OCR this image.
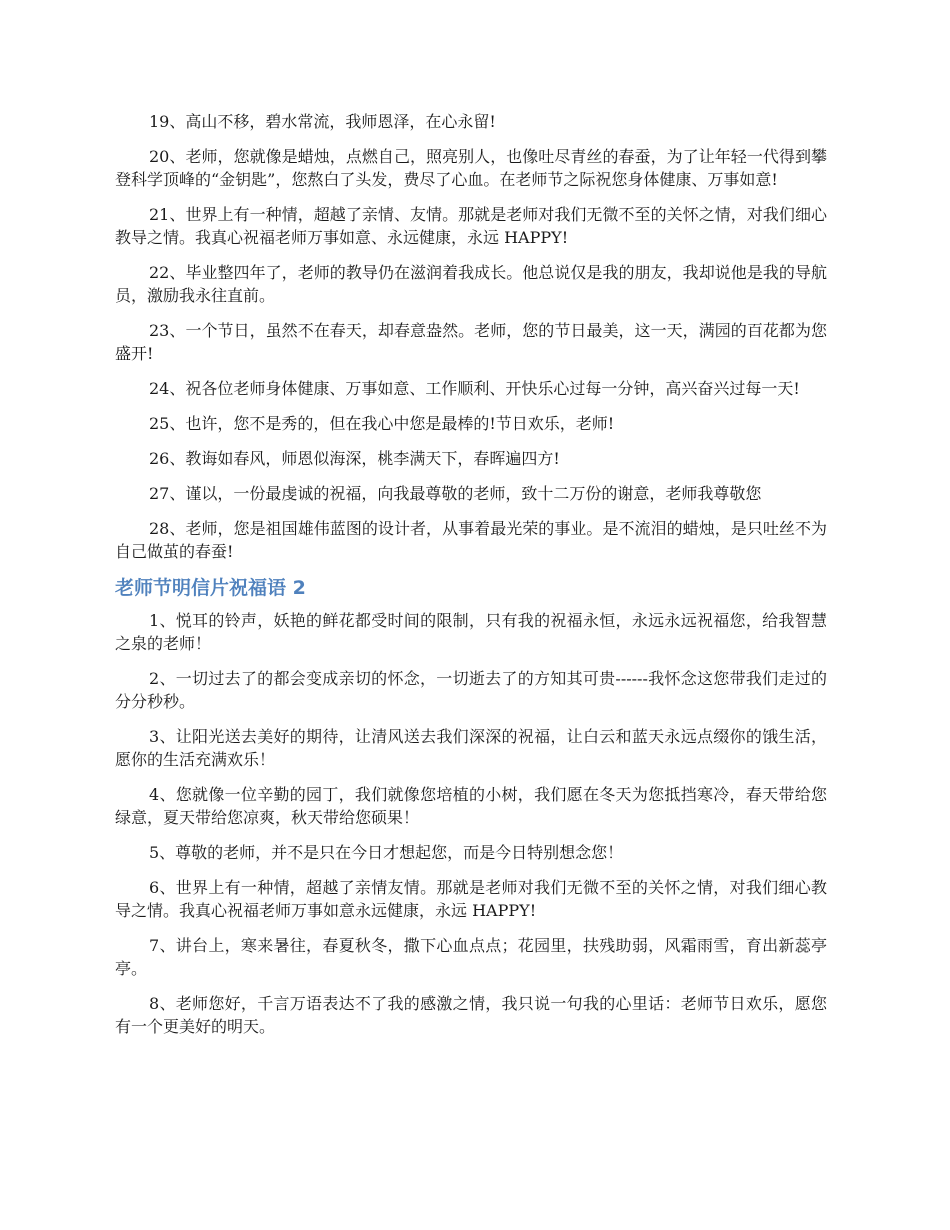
19、高山不移，碧水常流，我师恩泽，在心永留!

20、老师，您就像是蜡烛，点燃自己，照亮别人，也像吐尽青丝的春蚕，为了让年轻一代得到攀登科学顶峰的“金钥匙”，您熬白了头发，费尽了心血。在老师节之际祝您身体健康、万事如意!

21、世界上有一种情，超越了亲情、友情。那就是老师对我们无微不至的关怀之情，对我们细心教导之情。我真心祝福老师万事如意、永远健康，永远 HAPPY!

22、毕业整四年了，老师的教导仍在滋润着我成长。他总说仅是我的朋友，我却说他是我的导航员，激励我永往直前。

23、一个节日，虽然不在春天，却春意盎然。老师，您的节日最美，这一天，满园的百花都为您盛开!

24、祝各位老师身体健康、万事如意、工作顺利、开快乐心过每一分钟，高兴奋兴过每一天!

25、也许，您不是秀的，但在我心中您是最棒的!节日欢乐，老师!

26、教诲如春风，师恩似海深，桃李满天下，春晖遍四方!

27、谨以，一份最虔诚的祝福，向我最尊敬的老师，致十二万份的谢意，老师我尊敬您

28、老师，您是祖国雄伟蓝图的设计者，从事着最光荣的事业。是不流泪的蜡烛，是只吐丝不为自己做茧的春蚕!

老师节明信片祝福语 2

1、悦耳的铃声，妖艳的鲜花都受时间的限制，只有我的祝福永恒，永远永远祝福您，给我智慧之泉的老师！

2、一切过去了的都会变成亲切的怀念，一切逝去了的方知其可贵------我怀念这您带我们走过的分分秒秒。

3、让阳光送去美好的期待，让清风送去我们深深的祝福，让白云和蓝天永远点缀你的饿生活，愿你的生活充满欢乐！

4、您就像一位辛勤的园丁，我们就像您培植的小树，我们愿在冬天为您抵挡寒冷，春天带给您绿意，夏天带给您凉爽，秋天带给您硕果！

5、尊敬的老师，并不是只在今日才想起您，而是今日特别想念您！

6、世界上有一种情，超越了亲情友情。那就是老师对我们无微不至的关怀之情，对我们细心教导之情。我真心祝福老师万事如意永远健康，永远 HAPPY!

7、讲台上，寒来暑往，春夏秋冬，撒下心血点点；花园里，扶残助弱，风霜雨雪，育出新蕊亭亭。

8、老师您好，千言万语表达不了我的感激之情，我只说一句我的心里话：老师节日欢乐，愿您有一个更美好的明天。
